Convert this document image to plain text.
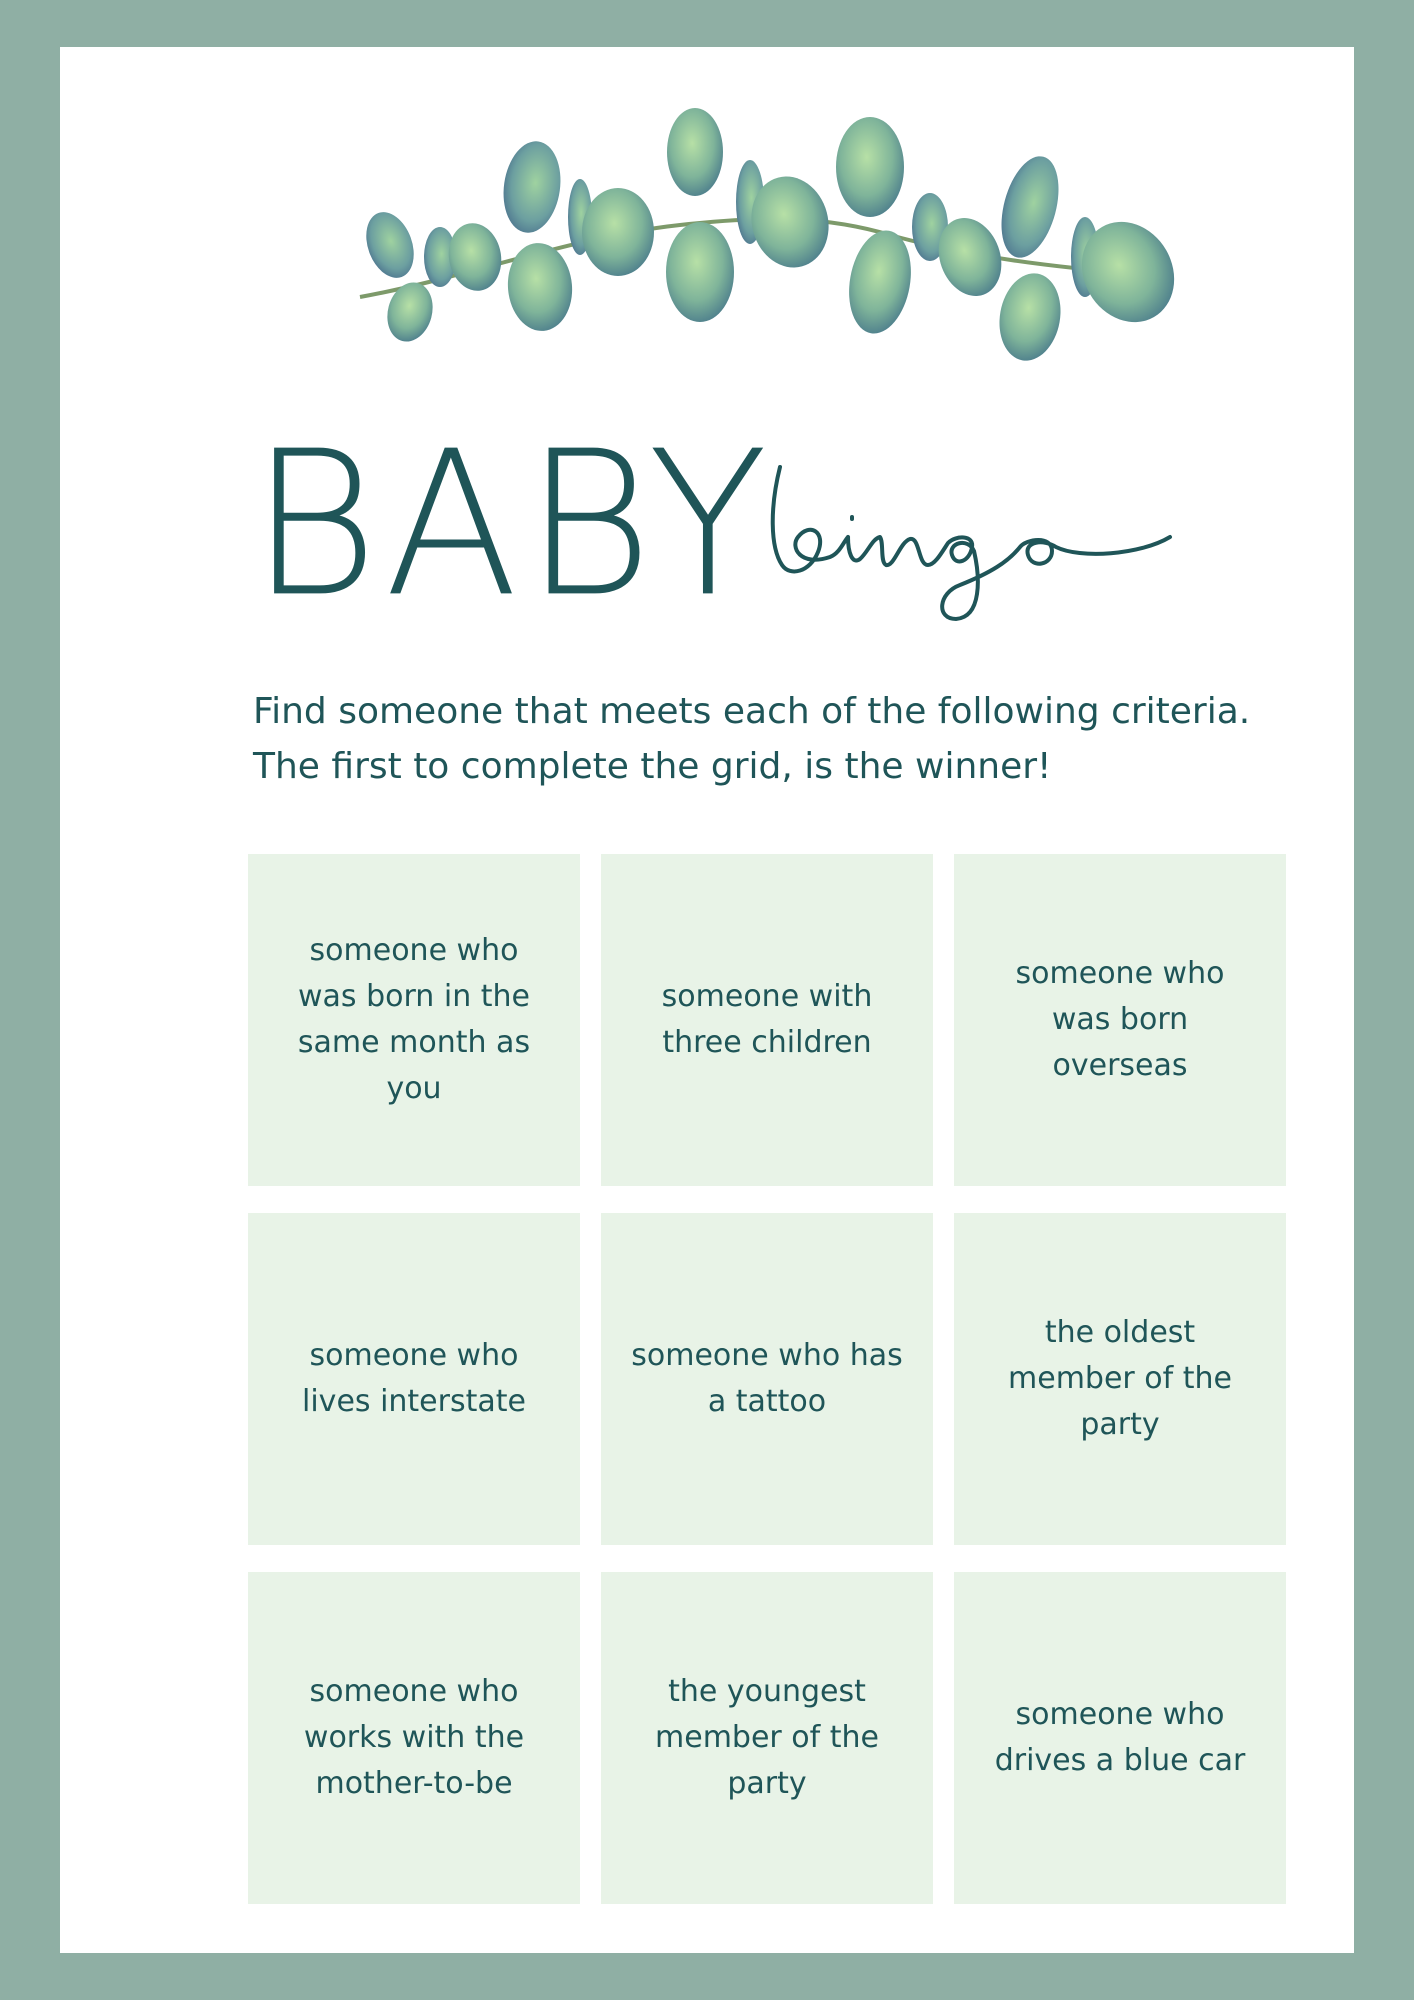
BABY
Find someone that meets each of the following criteria. The first to complete the grid, is the winner!
someone who was born in the same month as you
someone with three children
someone who was born overseas
someone who lives interstate
someone who has a tattoo
the oldest member of the party
someone who works with the mother-to-be
the youngest member of the party
someone who drives a blue car
